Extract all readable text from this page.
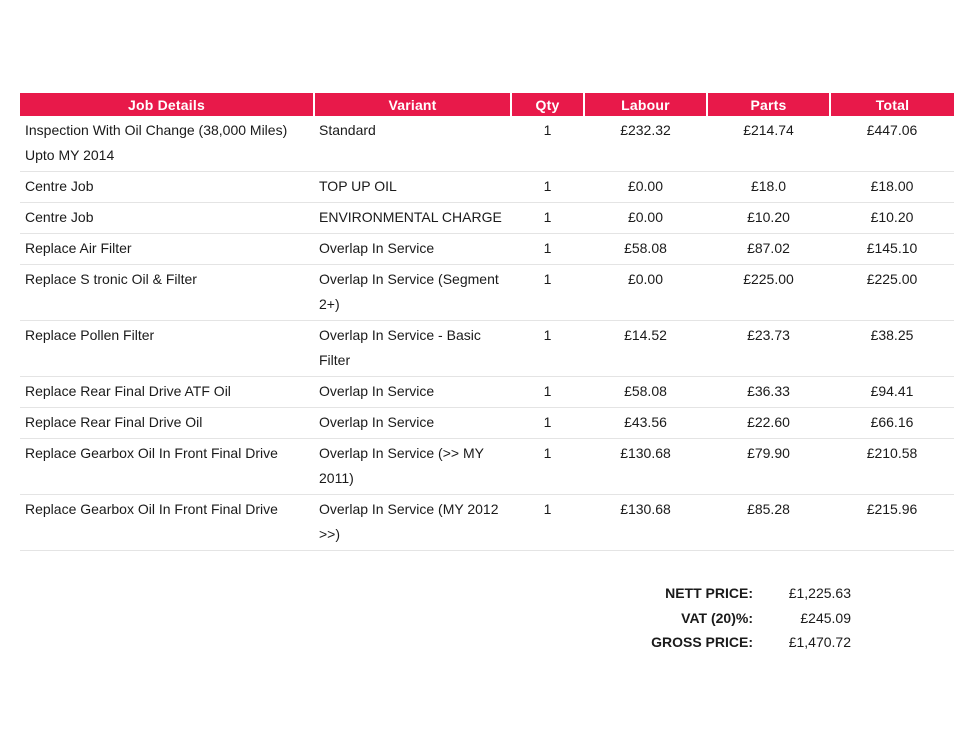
Job Details	Variant	Qty	Labour	Parts	Total
Inspection With Oil Change (38,000 Miles) Upto MY 2014	Standard	1	£232.32	£214.74	£447.06
Centre Job	TOP UP OIL	1	£0.00	£18.0	£18.00
Centre Job	ENVIRONMENTAL CHARGE	1	£0.00	£10.20	£10.20
Replace Air Filter	Overlap In Service	1	£58.08	£87.02	£145.10
Replace S tronic Oil & Filter	Overlap In Service (Segment 2+)	1	£0.00	£225.00	£225.00
Replace Pollen Filter	Overlap In Service - Basic Filter	1	£14.52	£23.73	£38.25
Replace Rear Final Drive ATF Oil	Overlap In Service	1	£58.08	£36.33	£94.41
Replace Rear Final Drive Oil	Overlap In Service	1	£43.56	£22.60	£66.16
Replace Gearbox Oil In Front Final Drive	Overlap In Service (>> MY 2011)	1	£130.68	£79.90	£210.58
Replace Gearbox Oil In Front Final Drive	Overlap In Service (MY 2012 >>)	1	£130.68	£85.28	£215.96
NETT PRICE:	£1,225.63
VAT (20)%:	£245.09
GROSS PRICE:	£1,470.72
